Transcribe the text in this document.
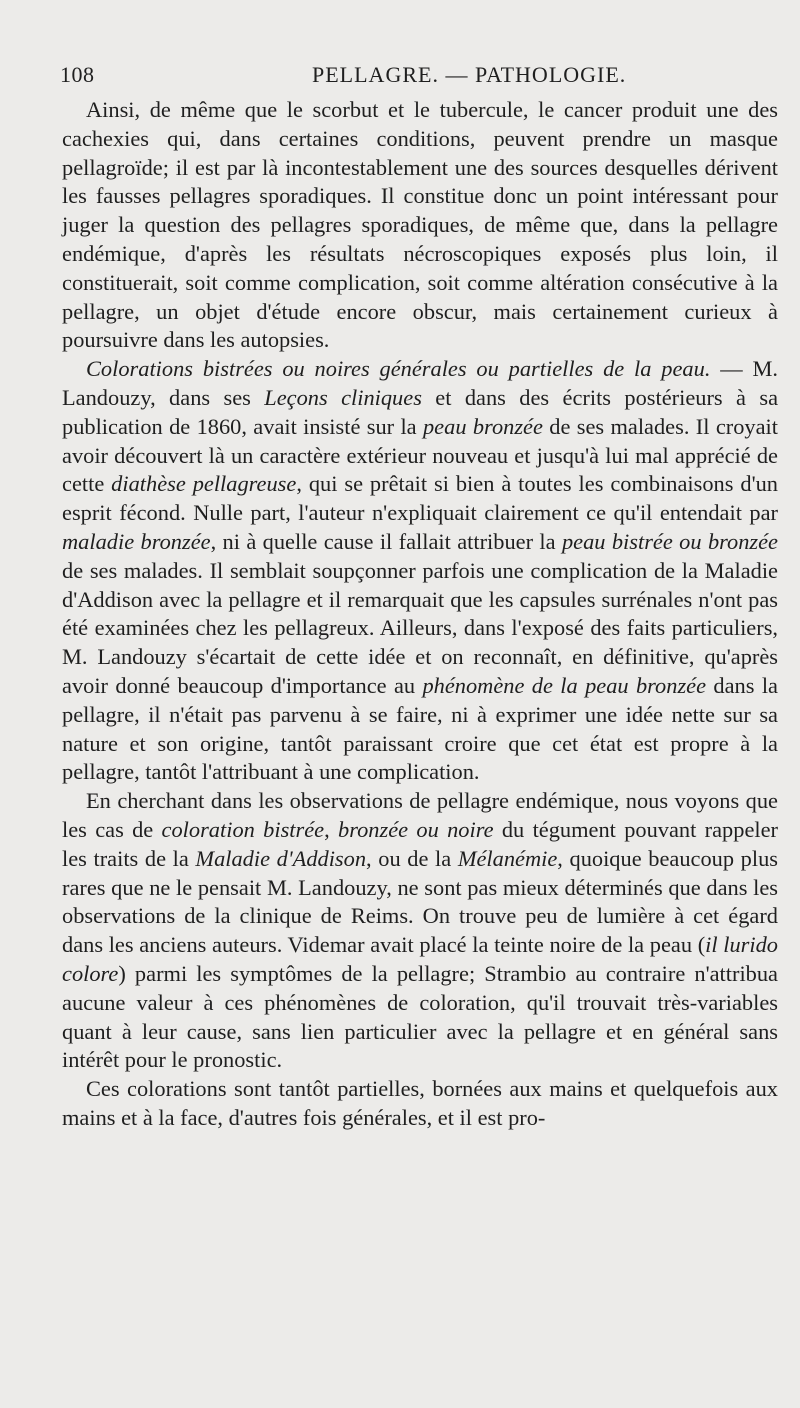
108	PELLAGRE. — PATHOLOGIE.

Ainsi, de même que le scorbut et le tubercule, le cancer produit une des cachexies qui, dans certaines conditions, peuvent prendre un masque pellagroïde; il est par là incontestablement une des sources desquelles dérivent les fausses pellagres sporadiques. Il constitue donc un point intéressant pour juger la question des pellagres sporadiques, de même que, dans la pellagre endémique, d'après les résultats nécroscopiques exposés plus loin, il constituerait, soit comme complication, soit comme altération consécutive à la pellagre, un objet d'étude encore obscur, mais certainement curieux à poursuivre dans les autopsies.

Colorations bistrées ou noires générales ou partielles de la peau. — M. Landouzy, dans ses Leçons cliniques et dans des écrits postérieurs à sa publication de 1860, avait insisté sur la peau bronzée de ses malades. Il croyait avoir découvert là un caractère extérieur nouveau et jusqu'à lui mal apprécié de cette diathèse pellagreuse, qui se prêtait si bien à toutes les combinaisons d'un esprit fécond. Nulle part, l'auteur n'expliquait clairement ce qu'il entendait par maladie bronzée, ni à quelle cause il fallait attribuer la peau bistrée ou bronzée de ses malades. Il semblait soupçonner parfois une complication de la Maladie d'Addison avec la pellagre et il remarquait que les capsules surrénales n'ont pas été examinées chez les pellagreux. Ailleurs, dans l'exposé des faits particuliers, M. Landouzy s'écartait de cette idée et on reconnaît, en définitive, qu'après avoir donné beaucoup d'importance au phénomène de la peau bronzée dans la pellagre, il n'était pas parvenu à se faire, ni à exprimer une idée nette sur sa nature et son origine, tantôt paraissant croire que cet état est propre à la pellagre, tantôt l'attribuant à une complication.

En cherchant dans les observations de pellagre endémique, nous voyons que les cas de coloration bistrée, bronzée ou noire du tégument pouvant rappeler les traits de la Maladie d'Addison, ou de la Mélanémie, quoique beaucoup plus rares que ne le pensait M. Landouzy, ne sont pas mieux déterminés que dans les observations de la clinique de Reims. On trouve peu de lumière à cet égard dans les anciens auteurs. Videmar avait placé la teinte noire de la peau (il lurido colore) parmi les symptômes de la pellagre; Strambio au contraire n'attribua aucune valeur à ces phénomènes de coloration, qu'il trouvait très-variables quant à leur cause, sans lien particulier avec la pellagre et en général sans intérêt pour le pronostic.

Ces colorations sont tantôt partielles, bornées aux mains et quelquefois aux mains et à la face, d'autres fois générales, et il est pro-
